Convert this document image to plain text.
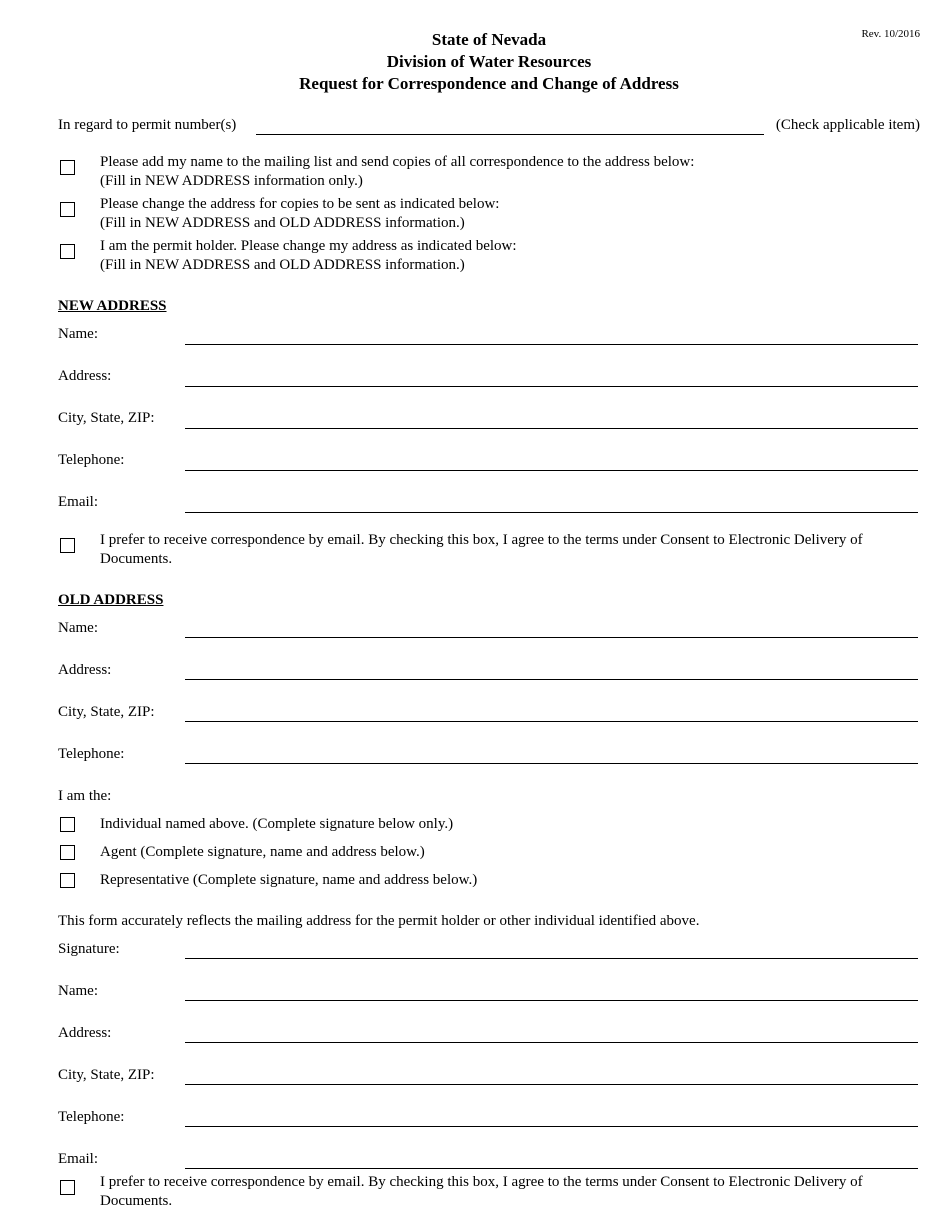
Rev. 10/2016
State of Nevada
Division of Water Resources
Request for Correspondence and Change of Address
In regard to permit number(s)	(Check applicable item)
Please add my name to the mailing list and send copies of all correspondence to the address below:
(Fill in NEW ADDRESS information only.)
Please change the address for copies to be sent as indicated below:
(Fill in NEW ADDRESS and OLD ADDRESS information.)
I am the permit holder. Please change my address as indicated below:
(Fill in NEW ADDRESS and OLD ADDRESS information.)
NEW ADDRESS
Name:
Address:
City, State, ZIP:
Telephone:
Email:
I prefer to receive correspondence by email. By checking this box, I agree to the terms under Consent to Electronic Delivery of
Documents.
OLD ADDRESS
Name:
Address:
City, State, ZIP:
Telephone:
I am the:
Individual named above. (Complete signature below only.)
Agent (Complete signature, name and address below.)
Representative (Complete signature, name and address below.)
This form accurately reflects the mailing address for the permit holder or other individual identified above.
Signature:
Name:
Address:
City, State, ZIP:
Telephone:
Email:
I prefer to receive correspondence by email. By checking this box, I agree to the terms under Consent to Electronic Delivery of
Documents.
